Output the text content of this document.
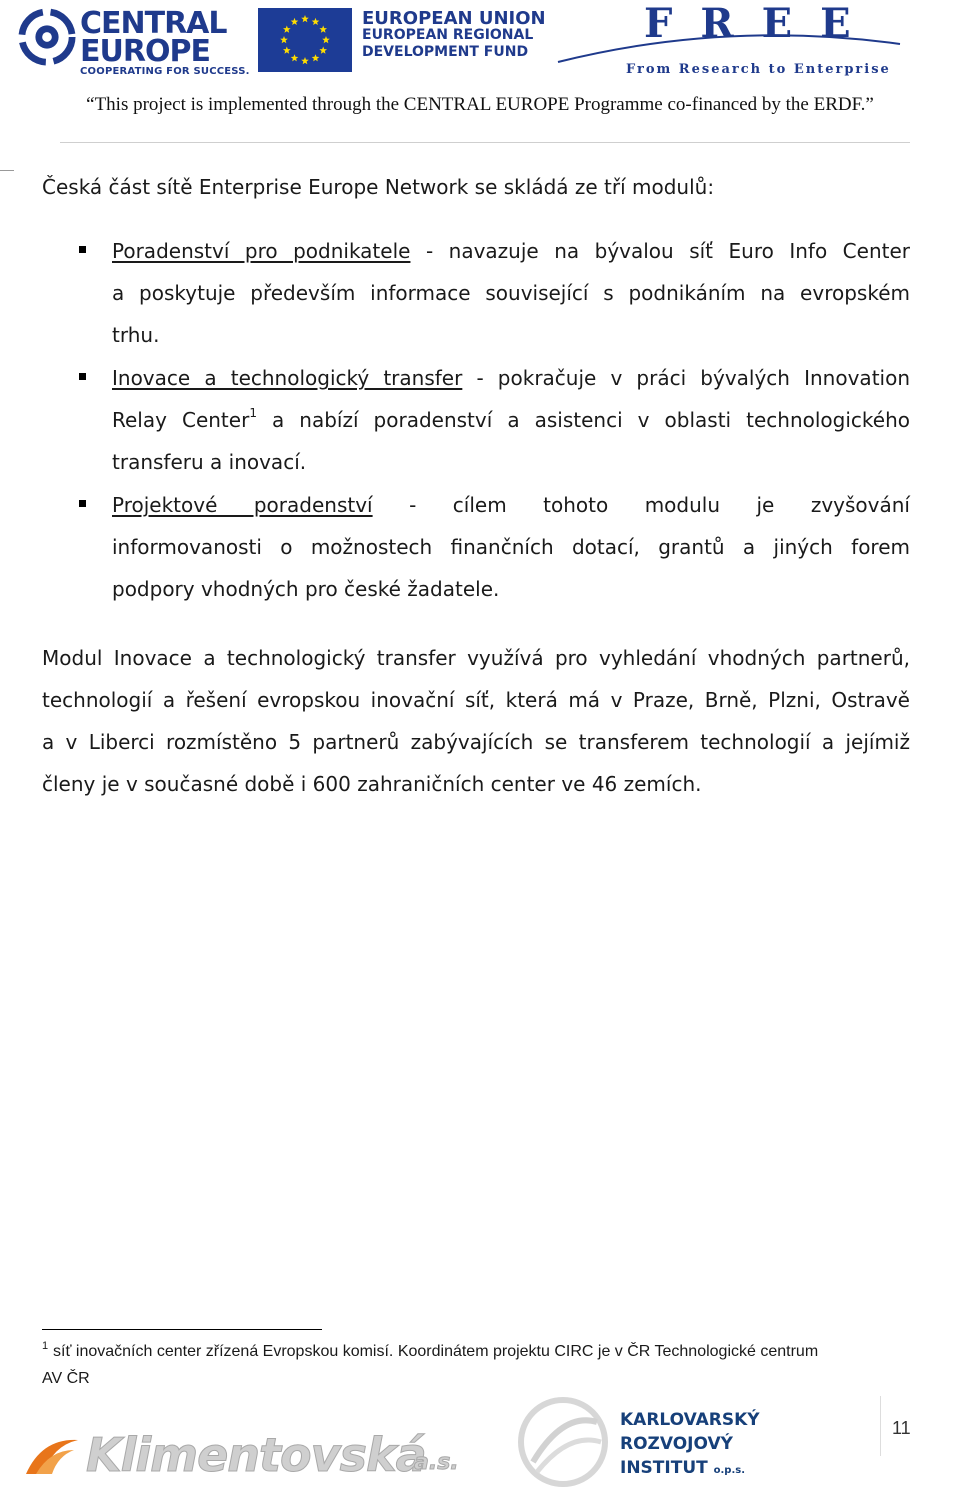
CENTRAL
EUROPE
COOPERATING FOR SUCCESS.
EUROPEAN UNION
EUROPEAN REGIONAL
DEVELOPMENT FUND
FREE
From Research to Enterprise
“This project is implemented through the CENTRAL EUROPE Programme co-financed by the ERDF.”
Česká část sítě Enterprise Europe Network se skládá ze tří modulů:
Poradenství pro podnikatele - navazuje na bývalou síť Euro Info Center
a poskytuje především informace související s podnikáním na evropském
trhu.
Inovace a technologický transfer - pokračuje v práci bývalých Innovation
Relay Center$^1$ a nabízí poradenství a asistenci v oblasti technologického
transferu a inovací.
Projektové poradenství - cílem tohoto modulu je zvyšování
informovanosti o možnostech finančních dotací, grantů a jiných forem
podpory vhodných pro české žadatele.
Modul Inovace a technologický transfer využívá pro vyhledání vhodných partnerů,
technologií a řešení evropskou inovační síť, která má v Praze, Brně, Plzni, Ostravě
a v Liberci rozmístěno 5 partnerů zabývajících se transferem technologií a jejímiž
členy je v současné době i 600 zahraničních center ve 46 zemích.
1 síť inovačních center zřízená Evropskou komisí. Koordinátem projektu CIRC je v ČR Technologické centrum
AV ČR
Klimentovská
a.s.
KARLOVARSKÝ
ROZVOJOVÝ
INSTITUT o.p.s.
11
